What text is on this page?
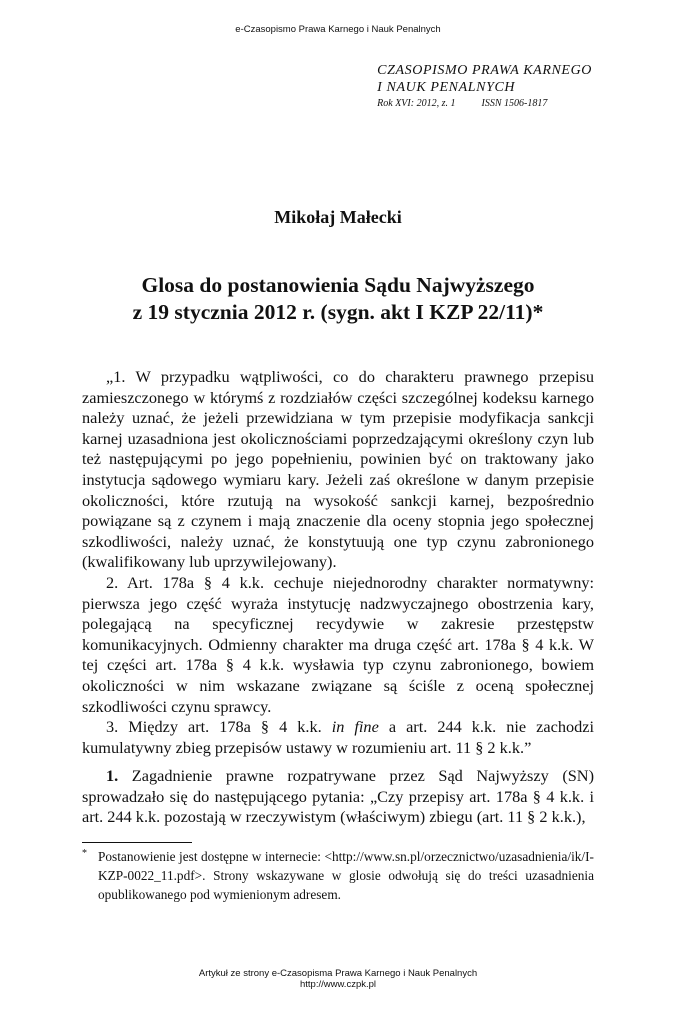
e-Czasopismo Prawa Karnego i Nauk Penalnych
CZASOPISMO PRAWA KARNEGO
I NAUK PENALNYCH
Rok XVI: 2012, z. 1	ISSN 1506-1817
Mikołaj Małecki
Glosa do postanowienia Sądu Najwyższego
z 19 stycznia 2012 r. (sygn. akt I KZP 22/11)*

„1. W przypadku wątpliwości, co do charakteru prawnego przepisu zamieszczonego w którymś z rozdziałów części szczególnej kodeksu karnego należy uznać, że jeżeli przewidziana w tym przepisie modyfikacja sankcji karnej uzasadniona jest okolicznościami poprzedzającymi określony czyn lub też następującymi po jego popełnieniu, powinien być on traktowany jako instytucja sądowego wymiaru kary. Jeżeli zaś określone w danym przepisie okoliczności, które rzutują na wysokość sankcji karnej, bezpośrednio powiązane są z czynem i mają znaczenie dla oceny stopnia jego społecznej szkodliwości, należy uznać, że konstytuują one typ czynu zabronionego (kwalifikowany lub uprzywilejowany).

2. Art. 178a § 4 k.k. cechuje niejednorodny charakter normatywny: pierwsza jego część wyraża instytucję nadzwyczajnego obostrzenia kary, polegającą na specyficznej recydywie w zakresie przestępstw komunikacyjnych. Odmienny charakter ma druga część art. 178a § 4 k.k. W tej części art. 178a § 4 k.k. wysławia typ czynu zabronionego, bowiem okoliczności w nim wskazane związane są ściśle z oceną społecznej szkodliwości czynu sprawcy.

3. Między art. 178a § 4 k.k. in fine a art. 244 k.k. nie zachodzi kumulatywny zbieg przepisów ustawy w rozumieniu art. 11 § 2 k.k.”

1. Zagadnienie prawne rozpatrywane przez Sąd Najwyższy (SN) sprowadzało się do następującego pytania: „Czy przepisy art. 178a § 4 k.k. i art. 244 k.k. pozostają w rzeczywistym (właściwym) zbiegu (art. 11 § 2 k.k.),

* Postanowienie jest dostępne w internecie: <http://www.sn.pl/orzecznictwo/uzasadnienia/ik/I-KZP-0022_11.pdf>. Strony wskazywane w glosie odwołują się do treści uzasadnienia opublikowanego pod wymienionym adresem.

Artykuł ze strony e-Czasopisma Prawa Karnego i Nauk Penalnych
http://www.czpk.pl
